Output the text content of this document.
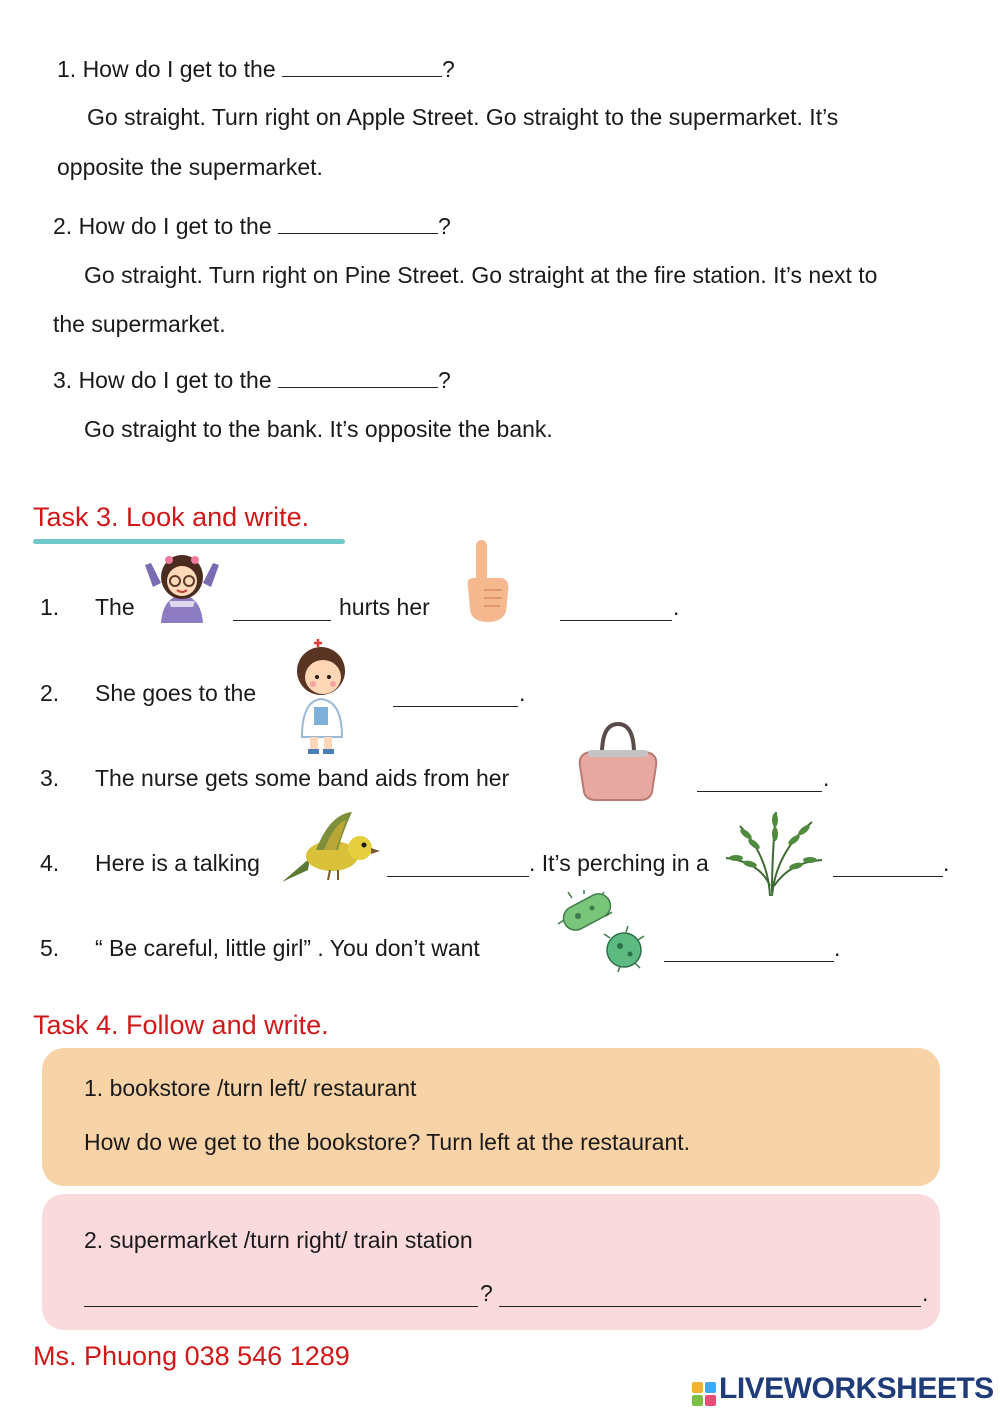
1. How do I get to the	?
Go straight. Turn right on Apple Street. Go straight to the supermarket. It’s
opposite the supermarket.
2. How do I get to the	?
Go straight. Turn right on Pine Street. Go straight at the fire station. It’s next to
the supermarket.
3. How do I get to the	?
Go straight to the bank. It’s opposite the bank.
Task 3. Look and write.
1. The	hurts her	.
2. She goes to the	.
3. The nurse gets some band aids from her	.
4. Here is a talking	. It’s perching in a	.
5. “ Be careful, little girl” . You don’t want	.
Task 4. Follow and write.
1. bookstore /turn left/ restaurant
How do we get to the bookstore? Turn left at the restaurant.
2. supermarket /turn right/ train station
?	.
Ms. Phuong 038 546 1289
LIVEWORKSHEETS
